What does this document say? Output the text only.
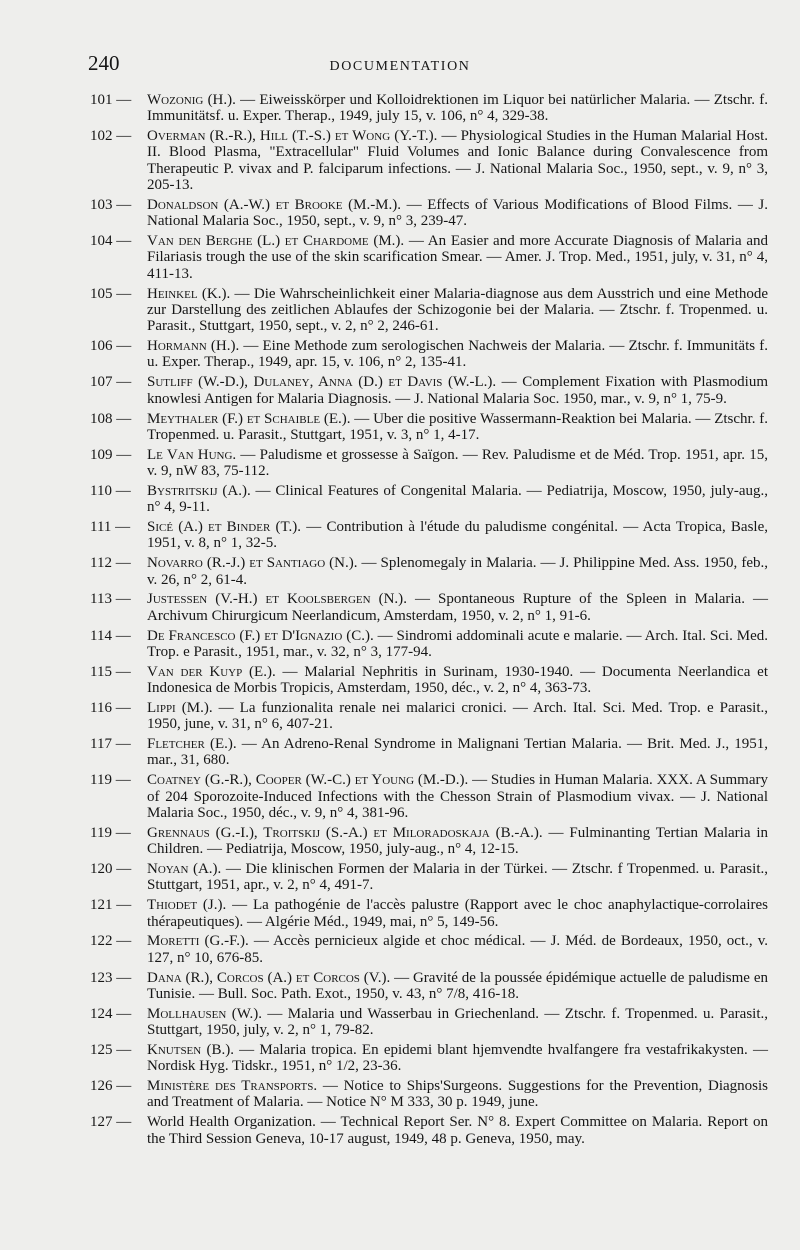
240	DOCUMENTATION
101 — Wozonig (H.). — Eiweisskörper und Kolloidrektionen im Liquor bei natürlicher Malaria. — Ztschr. f. Immunitätsf. u. Exper. Therap., 1949, july 15, v. 106, n° 4, 329-38.
102 — Overman (R.-R.), Hill (T.-S.) et Wong (Y.-T.). — Physiological Studies in the Human Malarial Host. II. Blood Plasma, "Extracellular" Fluid Volumes and Ionic Balance during Convalescence from Therapeutic P. vivax and P. falciparum infections. — J. National Malaria Soc., 1950, sept., v. 9, n° 3, 205-13.
103 — Donaldson (A.-W.) et Brooke (M.-M.). — Effects of Various Modifications of Blood Films. — J. National Malaria Soc., 1950, sept., v. 9, n° 3, 239-47.
104 — Van den Berghe (L.) et Chardome (M.). — An Easier and more Accurate Diagnosis of Malaria and Filariasis trough the use of the skin scarification Smear. — Amer. J. Trop. Med., 1951, july, v. 31, n° 4, 411-13.
105 — Heinkel (K.). — Die Wahrscheinlichkeit einer Malaria-diagnose aus dem Ausstrich und eine Methode zur Darstellung des zeitlichen Ablaufes der Schizogonie bei der Malaria. — Ztschr. f. Tropenmed. u. Parasit., Stuttgart, 1950, sept., v. 2, n° 2, 246-61.
106 — Hormann (H.). — Eine Methode zum serologischen Nachweis der Malaria. — Ztschr. f. Immunitäts f. u. Exper. Therap., 1949, apr. 15, v. 106, n° 2, 135-41.
107 — Sutliff (W.-D.), Dulaney, Anna (D.) et Davis (W.-L.). — Complement Fixation with Plasmodium knowlesi Antigen for Malaria Diagnosis. — J. National Malaria Soc. 1950, mar., v. 9, n° 1, 75-9.
108 — Meythaler (F.) et Schaible (E.). — Uber die positive Wassermann-Reaktion bei Malaria. — Ztschr. f. Tropenmed. u. Parasit., Stuttgart, 1951, v. 3, n° 1, 4-17.
109 — Le Van Hung. — Paludisme et grossesse à Saïgon. — Rev. Paludisme et de Méd. Trop. 1951, apr. 15, v. 9, nW 83, 75-112.
110 — Bystritskij (A.). — Clinical Features of Congenital Malaria. — Pediatrija, Moscow, 1950, july-aug., n° 4, 9-11.
111 — Sicé (A.) et Binder (T.). — Contribution à l'étude du paludisme congénital. — Acta Tropica, Basle, 1951, v. 8, n° 1, 32-5.
112 — Novarro (R.-J.) et Santiago (N.). — Splenomegaly in Malaria. — J. Philippine Med. Ass. 1950, feb., v. 26, n° 2, 61-4.
113 — Justessen (V.-H.) et Koolsbergen (N.). — Spontaneous Rupture of the Spleen in Malaria. — Archivum Chirurgicum Neerlandicum, Amsterdam, 1950, v. 2, n° 1, 91-6.
114 — De Francesco (F.) et D'Ignazio (C.). — Sindromi addominali acute e malarie. — Arch. Ital. Sci. Med. Trop. e Parasit., 1951, mar., v. 32, n° 3, 177-94.
115 — Van der Kuyp (E.). — Malarial Nephritis in Surinam, 1930-1940. — Documenta Neerlandica et Indonesica de Morbis Tropicis, Amsterdam, 1950, déc., v. 2, n° 4, 363-73.
116 — Lippi (M.). — La funzionalita renale nei malarici cronici. — Arch. Ital. Sci. Med. Trop. e Parasit., 1950, june, v. 31, n° 6, 407-21.
117 — Fletcher (E.). — An Adreno-Renal Syndrome in Malignani Tertian Malaria. — Brit. Med. J., 1951, mar., 31, 680.
119 — Coatney (G.-R.), Cooper (W.-C.) et Young (M.-D.). — Studies in Human Malaria. XXX. A Summary of 204 Sporozoite-Induced Infections with the Chesson Strain of Plasmodium vivax. — J. National Malaria Soc., 1950, déc., v. 9, n° 4, 381-96.
119 — Grennaus (G.-I.), Troitskij (S.-A.) et Miloradoskaja (B.-A.). — Fulminanting Tertian Malaria in Children. — Pediatrija, Moscow, 1950, july-aug., n° 4, 12-15.
120 — Noyan (A.). — Die klinischen Formen der Malaria in der Türkei. — Ztschr. f Tropenmed. u. Parasit., Stuttgart, 1951, apr., v. 2, n° 4, 491-7.
121 — Thiodet (J.). — La pathogénie de l'accès palustre (Rapport avec le choc anaphylactique-corrolaires thérapeutiques). — Algérie Méd., 1949, mai, n° 5, 149-56.
122 — Moretti (G.-F.). — Accès pernicieux algide et choc médical. — J. Méd. de Bordeaux, 1950, oct., v. 127, n° 10, 676-85.
123 — Dana (R.), Corcos (A.) et Corcos (V.). — Gravité de la poussée épidémique actuelle de paludisme en Tunisie. — Bull. Soc. Path. Exot., 1950, v. 43, n° 7/8, 416-18.
124 — Mollhausen (W.). — Malaria und Wasserbau in Griechenland. — Ztschr. f. Tropenmed. u. Parasit., Stuttgart, 1950, july, v. 2, n° 1, 79-82.
125 — Knutsen (B.). — Malaria tropica. En epidemi blant hjemvendte hvalfangere fra vestafrikakysten. — Nordisk Hyg. Tidskr., 1951, n° 1/2, 23-36.
126 — Ministère des Transports. — Notice to Ships'Surgeons. Suggestions for the Prevention, Diagnosis and Treatment of Malaria. — Notice N° M 333, 30 p. 1949, june.
127 — World Health Organization. — Technical Report Ser. N° 8. Expert Committee on Malaria. Report on the Third Session Geneva, 10-17 august, 1949, 48 p. Geneva, 1950, may.
